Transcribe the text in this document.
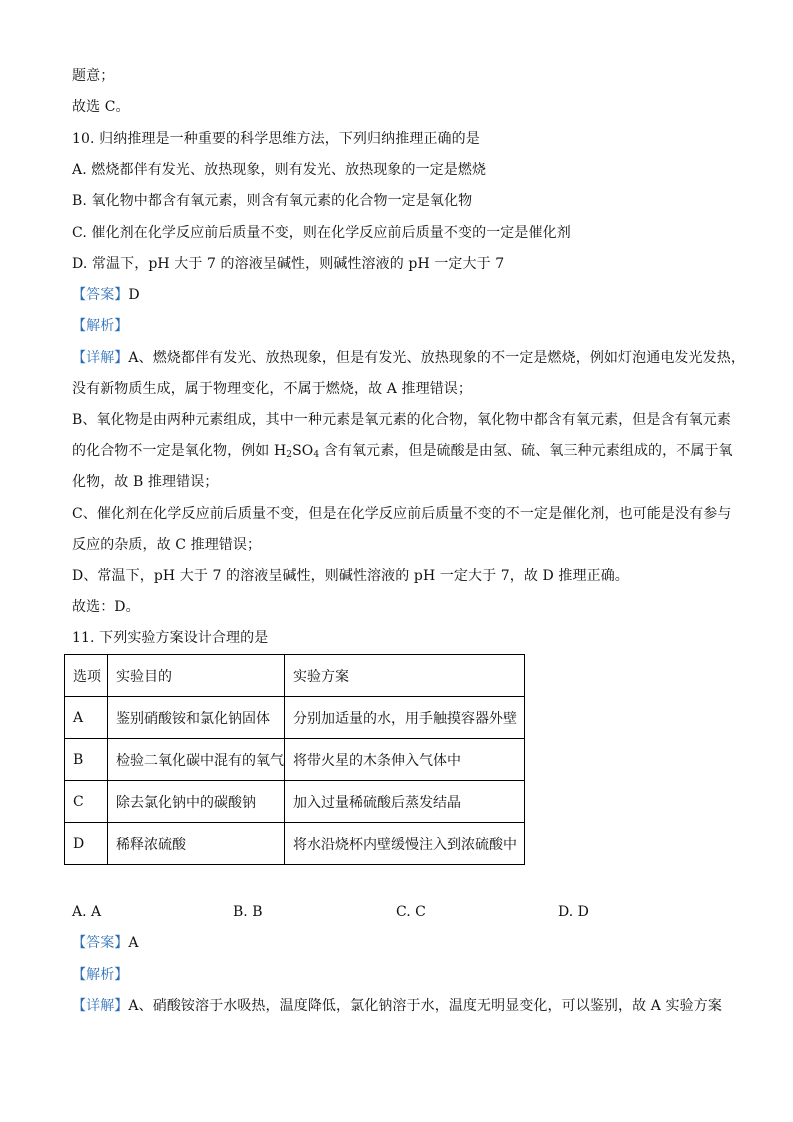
题意；
故选 C。
10. 归纳推理是一种重要的科学思维方法，下列归纳推理正确的是
A. 燃烧都伴有发光、放热现象，则有发光、放热现象的一定是燃烧
B. 氧化物中都含有氧元素，则含有氧元素的化合物一定是氧化物
C. 催化剂在化学反应前后质量不变，则在化学反应前后质量不变的一定是催化剂
D. 常温下，pH 大于 7 的溶液呈碱性，则碱性溶液的 pH 一定大于 7
【答案】D
【解析】
【详解】A、燃烧都伴有发光、放热现象，但是有发光、放热现象的不一定是燃烧，例如灯泡通电发光发热，
没有新物质生成，属于物理变化，不属于燃烧，故 A 推理错误；
B、氧化物是由两种元素组成，其中一种元素是氧元素的化合物，氧化物中都含有氧元素，但是含有氧元素
的化合物不一定是氧化物，例如 $H_2SO_4$ 含有氧元素，但是硫酸是由氢、硫、氧三种元素组成的，不属于氧
化物，故 B 推理错误；
C、催化剂在化学反应前后质量不变，但是在化学反应前后质量不变的不一定是催化剂，也可能是没有参与
反应的杂质，故 C 推理错误；
D、常温下，pH 大于 7 的溶液呈碱性，则碱性溶液的 pH 一定大于 7，故 D 推理正确。
故选：D。
11. 下列实验方案设计合理的是
选项	实验目的	实验方案
A	鉴别硝酸铵和氯化钠固体	分别加适量的水，用手触摸容器外壁
B	检验二氧化碳中混有的氧气	将带火星的木条伸入气体中
C	除去氯化钠中的碳酸钠	加入过量稀硫酸后蒸发结晶
D	稀释浓硫酸	将水沿烧杯内壁缓慢注入到浓硫酸中
A. A	B. B	C. C	D. D
【答案】A
【解析】
【详解】A、硝酸铵溶于水吸热，温度降低，氯化钠溶于水，温度无明显变化，可以鉴别，故 A 实验方案
